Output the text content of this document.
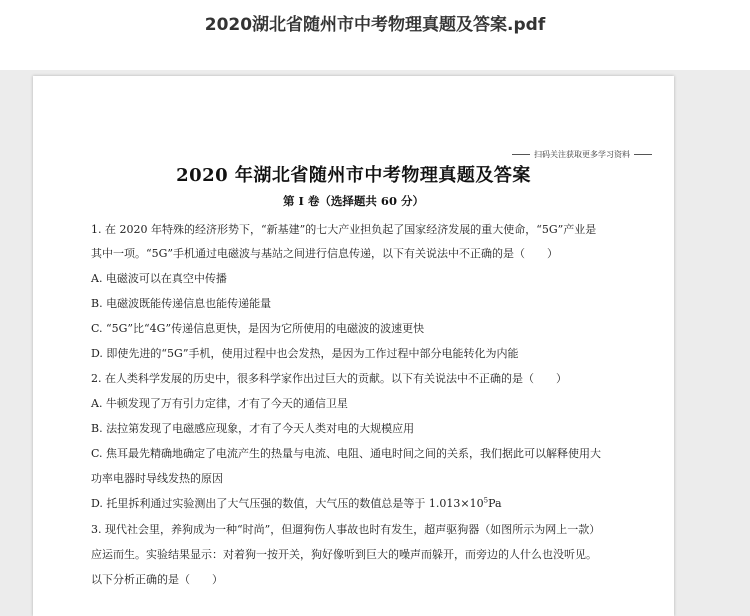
2020湖北省随州市中考物理真题及答案.pdf
扫码关注获取更多学习资料
2020 年湖北省随州市中考物理真题及答案
第 I 卷（选择题共 60 分）
1. 在 2020 年特殊的经济形势下，“新基建”的七大产业担负起了国家经济发展的重大使命，“5G”产业是
其中一项。“5G”手机通过电磁波与基站之间进行信息传递，以下有关说法中不正确的是（　　）
A. 电磁波可以在真空中传播
B. 电磁波既能传递信息也能传递能量
C. “5G”比“4G”传递信息更快，是因为它所使用的电磁波的波速更快
D. 即使先进的“5G”手机，使用过程中也会发热，是因为工作过程中部分电能转化为内能
2. 在人类科学发展的历史中，很多科学家作出过巨大的贡献。以下有关说法中不正确的是（　　）
A. 牛顿发现了万有引力定律，才有了今天的通信卫星
B. 法拉第发现了电磁感应现象，才有了今天人类对电的大规模应用
C. 焦耳最先精确地确定了电流产生的热量与电流、电阻、通电时间之间的关系，我们据此可以解释使用大
功率电器时导线发热的原因
D. 托里拆利通过实验测出了大气压强的数值，大气压的数值总是等于 $1.013\times 10^5Pa$
3. 现代社会里，养狗成为一种“时尚”，但遛狗伤人事故也时有发生，超声驱狗器（如图所示为网上一款）
应运而生。实验结果显示：对着狗一按开关，狗好像听到巨大的噪声而躲开，而旁边的人什么也没听见。
以下分析正确的是（　　）
